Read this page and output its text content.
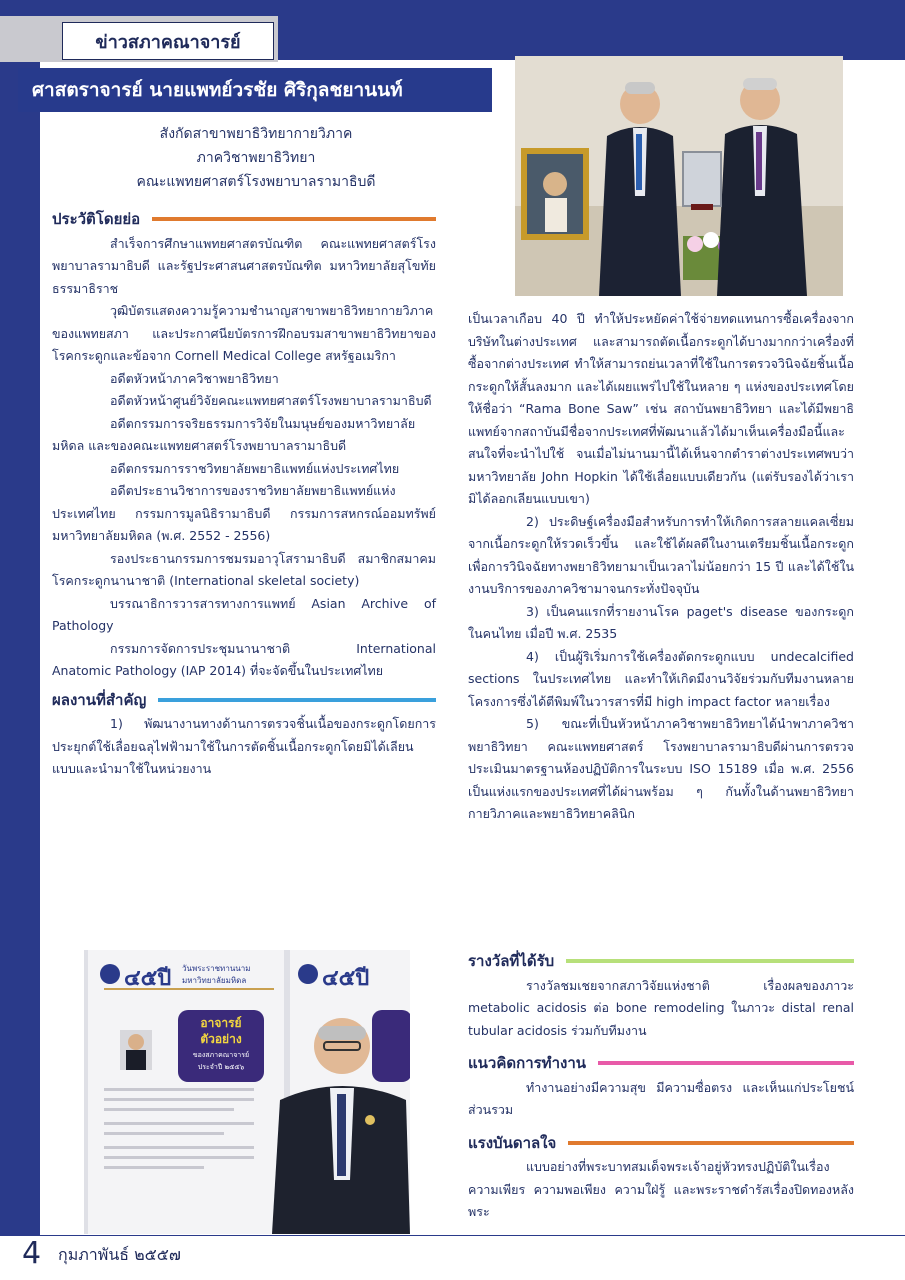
ข่าวสภาคณาจารย์
ศาสตราจารย์ นายแพทย์วรชัย ศิริกุลชยานนท์
สังกัดสาขาพยาธิวิทยากายวิภาค
ภาควิชาพยาธิวิทยา
คณะแพทยศาสตร์โรงพยาบาลรามาธิบดี
ประวัติโดยย่อ

สำเร็จการศึกษาแพทยศาสตรบัณฑิต คณะแพทยศาสตร์โรงพยาบาลรามาธิบดี และรัฐประศาสนศาสตรบัณฑิต มหาวิทยาลัยสุโขทัยธรรมาธิราช

วุฒิบัตรแสดงความรู้ความชำนาญสาขาพยาธิวิทยากายวิภาคของแพทยสภา และประกาศนียบัตรการฝึกอบรมสาขาพยาธิวิทยาของโรคกระดูกและข้อจาก Cornell Medical College สหรัฐอเมริกา

อดีตหัวหน้าภาควิชาพยาธิวิทยา

อดีตหัวหน้าศูนย์วิจัยคณะแพทยศาสตร์โรงพยาบาลรามาธิบดี

อดีตกรรมการจริยธรรมการวิจัยในมนุษย์ของมหาวิทยาลัยมหิดล และของคณะแพทยศาสตร์โรงพยาบาลรามาธิบดี

อดีตกรรมการราชวิทยาลัยพยาธิแพทย์แห่งประเทศไทย

อดีตประธานวิชาการของราชวิทยาลัยพยาธิแพทย์แห่งประเทศไทย กรรมการมูลนิธิรามาธิบดี กรรมการสหกรณ์ออมทรัพย์มหาวิทยาลัยมหิดล (พ.ศ. 2552 - 2556)

รองประธานกรรมการชมรมอาวุโสรามาธิบดี สมาชิกสมาคมโรคกระดูกนานาชาติ (International skeletal society)

บรรณาธิการวารสารทางการแพทย์ Asian Archive of Pathology

กรรมการจัดการประชุมนานาชาติ International Anatomic Pathology (IAP 2014) ที่จะจัดขึ้นในประเทศไทย

ผลงานที่สำคัญ

1) พัฒนางานทางด้านการตรวจชิ้นเนื้อของกระดูกโดยการประยุกต์ใช้เลื่อยฉลุไฟฟ้ามาใช้ในการตัดชิ้นเนื้อกระดูกโดยมิได้เลียนแบบและนำมาใช้ในหน่วยงาน

๔๕ปี วันพระราชทานนาม
มหาวิทยาลัยมหิดล	๔๕ปี
อาจารย์
ตัวอย่าง
ของสภาคณาจารย์
ประจำปี ๒๕๕๖

เป็นเวลาเกือบ 40 ปี ทำให้ประหยัดค่าใช้จ่ายทดแทนการซื้อเครื่องจากบริษัทในต่างประเทศ และสามารถตัดเนื้อกระดูกได้บางมากกว่าเครื่องที่ซื้อจากต่างประเทศ ทำให้สามารถย่นเวลาที่ใช้ในการตรวจวินิจฉัยชิ้นเนื้อกระดูกให้สั้นลงมาก และได้เผยแพร่ไปใช้ในหลาย ๆ แห่งของประเทศโดยให้ชื่อว่า “Rama Bone Saw” เช่น สถาบันพยาธิวิทยา และได้มีพยาธิแพทย์จากสถาบันมีชื่อจากประเทศที่พัฒนาแล้วได้มาเห็นเครื่องมือนี้และสนใจที่จะนำไปใช้ จนเมื่อไม่นานมานี้ได้เห็นจากตำราต่างประเทศพบว่า มหาวิทยาลัย John Hopkin ได้ใช้เลื่อยแบบเดียวกัน (แต่รับรองได้ว่าเรามิได้ลอกเลียนแบบเขา)

2) ประดิษฐ์เครื่องมือสำหรับการทำให้เกิดการสลายแคลเซี่ยมจากเนื้อกระดูกให้รวดเร็วขึ้น และใช้ได้ผลดีในงานเตรียมชิ้นเนื้อกระดูกเพื่อการวินิจฉัยทางพยาธิวิทยามาเป็นเวลาไม่น้อยกว่า 15 ปี และได้ใช้ในงานบริการของภาควิชามาจนกระทั่งปัจจุบัน

3) เป็นคนแรกที่รายงานโรค paget's disease ของกระดูกในคนไทย เมื่อปี พ.ศ. 2535

4) เป็นผู้ริเริ่มการใช้เครื่องตัดกระดูกแบบ undecalcified sections ในประเทศไทย และทำให้เกิดมีงานวิจัยร่วมกับทีมงานหลายโครงการซึ่งได้ตีพิมพ์ในวารสารที่มี high impact factor หลายเรื่อง

5) ขณะที่เป็นหัวหน้าภาควิชาพยาธิวิทยาได้นำพาภาควิชาพยาธิวิทยา คณะแพทยศาสตร์ โรงพยาบาลรามาธิบดีผ่านการตรวจประเมินมาตรฐานห้องปฏิบัติการในระบบ ISO 15189 เมื่อ พ.ศ. 2556 เป็นแห่งแรกของประเทศที่ได้ผ่านพร้อม ๆ กันทั้งในด้านพยาธิวิทยากายวิภาคและพยาธิวิทยาคลินิก

รางวัลที่ได้รับ

รางวัลชมเชยจากสภาวิจัยแห่งชาติ เรื่องผลของภาวะ metabolic acidosis ต่อ bone remodeling ในภาวะ distal renal tubular acidosis ร่วมกับทีมงาน

แนวคิดการทำงาน

ทำงานอย่างมีความสุข มีความซื่อตรง และเห็นแก่ประโยชน์ส่วนรวม

แรงบันดาลใจ

แบบอย่างที่พระบาทสมเด็จพระเจ้าอยู่หัวทรงปฏิบัติในเรื่องความเพียร ความพอเพียง ความใฝ่รู้ และพระราชดำรัสเรื่องปิดทองหลังพระ

4 กุมภาพันธ์ ๒๕๕๗
